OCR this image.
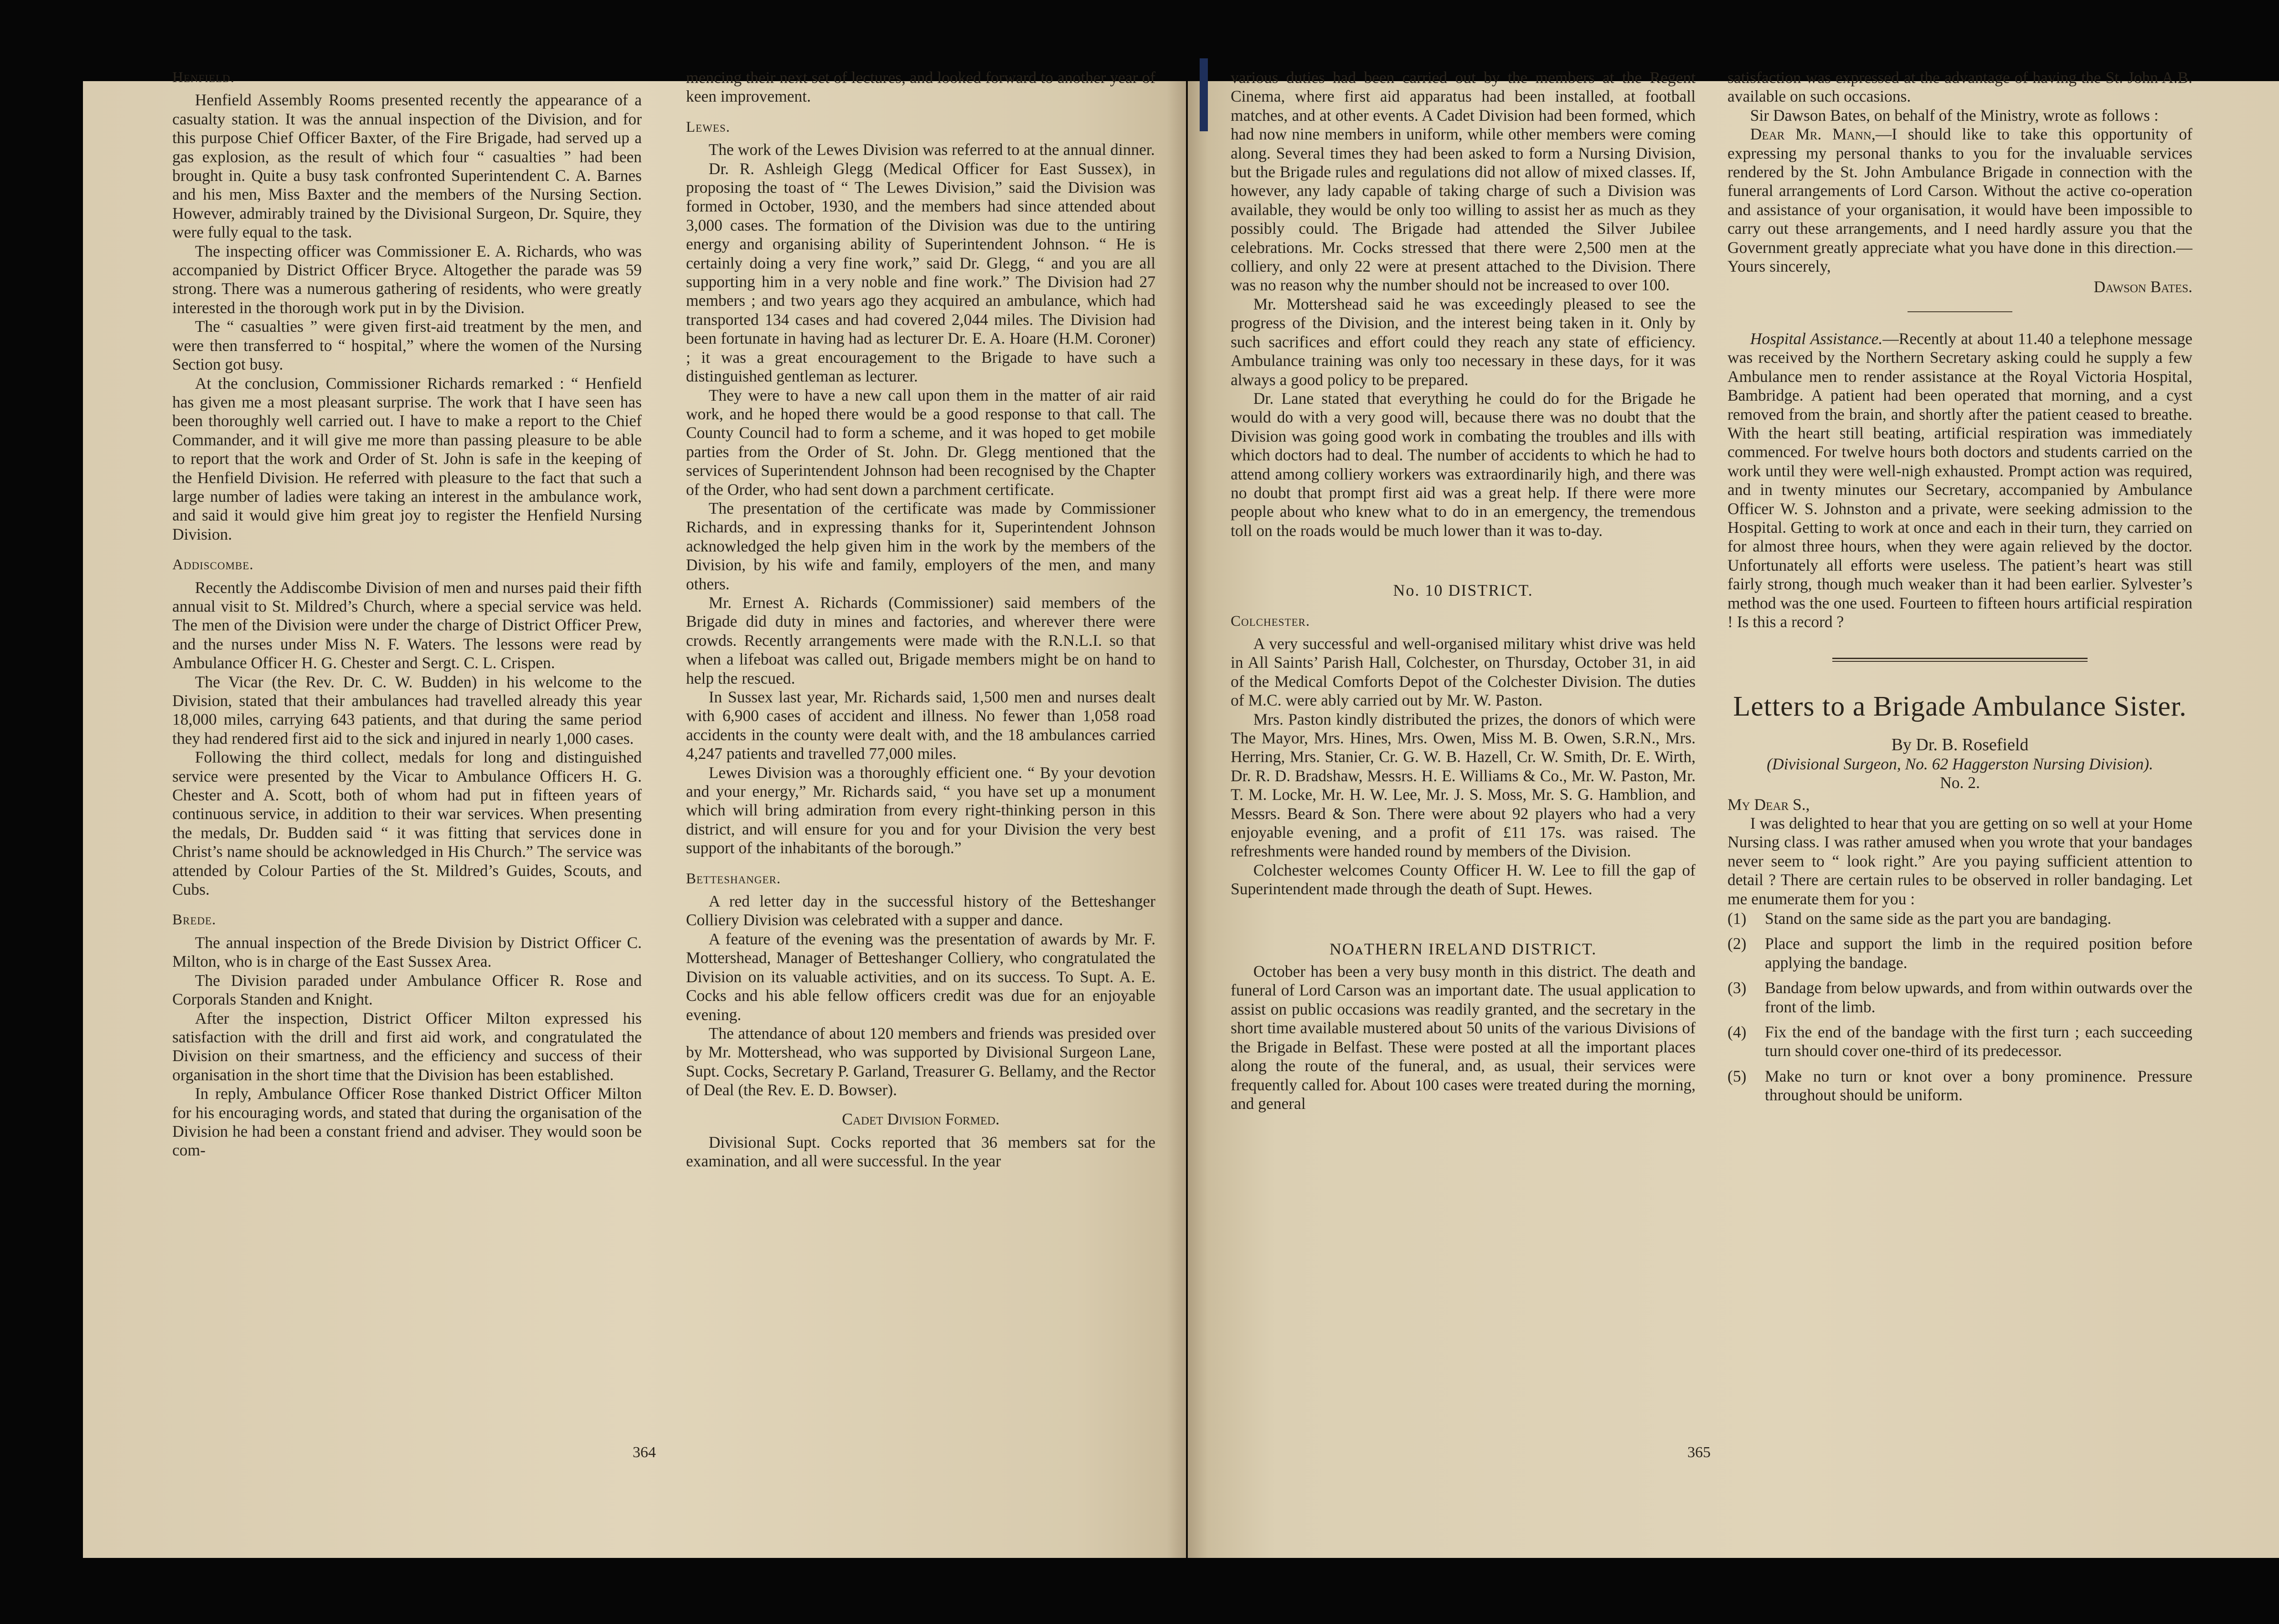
Henfield.

Henfield Assembly Rooms presented recently the appearance of a casualty station. It was the annual inspection of the Division, and for this purpose Chief Officer Baxter, of the Fire Brigade, had served up a gas explosion, as the result of which four “ casualties ” had been brought in. Quite a busy task confronted Superintendent C. A. Barnes and his men, Miss Baxter and the members of the Nursing Section. However, admirably trained by the Divisional Surgeon, Dr. Squire, they were fully equal to the task.

The inspecting officer was Commissioner E. A. Richards, who was accompanied by District Officer Bryce. Altogether the parade was 59 strong. There was a numerous gathering of residents, who were greatly interested in the thorough work put in by the Division.

The “ casualties ” were given first-aid treatment by the men, and were then transferred to “ hospital,” where the women of the Nursing Section got busy.

At the conclusion, Commissioner Richards remarked : “ Henfield has given me a most pleasant surprise. The work that I have seen has been thoroughly well carried out. I have to make a report to the Chief Commander, and it will give me more than passing pleasure to be able to report that the work and Order of St. John is safe in the keeping of the Henfield Division. He referred with pleasure to the fact that such a large number of ladies were taking an interest in the ambulance work, and said it would give him great joy to register the Henfield Nursing Division.

Addiscombe.

Recently the Addiscombe Division of men and nurses paid their fifth annual visit to St. Mildred’s Church, where a special service was held. The men of the Division were under the charge of District Officer Prew, and the nurses under Miss N. F. Waters. The lessons were read by Ambulance Officer H. G. Chester and Sergt. C. L. Crispen.

The Vicar (the Rev. Dr. C. W. Budden) in his welcome to the Division, stated that their ambulances had travelled already this year 18,000 miles, carrying 643 patients, and that during the same period they had rendered first aid to the sick and injured in nearly 1,000 cases.

Following the third collect, medals for long and distinguished service were presented by the Vicar to Ambulance Officers H. G. Chester and A. Scott, both of whom had put in fifteen years of continuous service, in addition to their war services. When presenting the medals, Dr. Budden said “ it was fitting that services done in Christ’s name should be acknowledged in His Church.” The service was attended by Colour Parties of the St. Mildred’s Guides, Scouts, and Cubs.

Brede.

The annual inspection of the Brede Division by District Officer C. Milton, who is in charge of the East Sussex Area.

The Division paraded under Ambulance Officer R. Rose and Corporals Standen and Knight.

After the inspection, District Officer Milton expressed his satisfaction with the drill and first aid work, and congratulated the Division on their smartness, and the efficiency and success of their organisation in the short time that the Division has been established.

In reply, Ambulance Officer Rose thanked District Officer Milton for his encouraging words, and stated that during the organisation of the Division he had been a constant friend and adviser. They would soon be com-

mencing their next set of lectures, and looked forward to another year of keen improvement.

Lewes.

The work of the Lewes Division was referred to at the annual dinner.

Dr. R. Ashleigh Glegg (Medical Officer for East Sussex), in proposing the toast of “ The Lewes Division,” said the Division was formed in October, 1930, and the members had since attended about 3,000 cases. The formation of the Division was due to the untiring energy and organising ability of Superintendent Johnson. “ He is certainly doing a very fine work,” said Dr. Glegg, “ and you are all supporting him in a very noble and fine work.” The Division had 27 members ; and two years ago they acquired an ambulance, which had transported 134 cases and had covered 2,044 miles. The Division had been fortunate in having had as lecturer Dr. E. A. Hoare (H.M. Coroner) ; it was a great encouragement to the Brigade to have such a distinguished gentleman as lecturer.

They were to have a new call upon them in the matter of air raid work, and he hoped there would be a good response to that call. The County Council had to form a scheme, and it was hoped to get mobile parties from the Order of St. John. Dr. Glegg mentioned that the services of Superintendent Johnson had been recognised by the Chapter of the Order, who had sent down a parchment certificate.

The presentation of the certificate was made by Commissioner Richards, and in expressing thanks for it, Superintendent Johnson acknowledged the help given him in the work by the members of the Division, by his wife and family, employers of the men, and many others.

Mr. Ernest A. Richards (Commissioner) said members of the Brigade did duty in mines and factories, and wherever there were crowds. Recently arrangements were made with the R.N.L.I. so that when a lifeboat was called out, Brigade members might be on hand to help the rescued.

In Sussex last year, Mr. Richards said, 1,500 men and nurses dealt with 6,900 cases of accident and illness. No fewer than 1,058 road accidents in the county were dealt with, and the 18 ambulances carried 4,247 patients and travelled 77,000 miles.

Lewes Division was a thoroughly efficient one. “ By your devotion and your energy,” Mr. Richards said, “ you have set up a monument which will bring admiration from every right-thinking person in this district, and will ensure for you and for your Division the very best support of the inhabitants of the borough.”

Betteshanger.

A red letter day in the successful history of the Betteshanger Colliery Division was celebrated with a supper and dance.

A feature of the evening was the presentation of awards by Mr. F. Mottershead, Manager of Betteshanger Colliery, who congratulated the Division on its valuable activities, and on its success. To Supt. A. E. Cocks and his able fellow officers credit was due for an enjoyable evening.

The attendance of about 120 members and friends was presided over by Mr. Mottershead, who was supported by Divisional Surgeon Lane, Supt. Cocks, Secretary P. Garland, Treasurer G. Bellamy, and the Rector of Deal (the Rev. E. D. Bowser).

Cadet Division Formed.

Divisional Supt. Cocks reported that 36 members sat for the examination, and all were successful. In the year

364

various duties had been carried out by the members at the Regent Cinema, where first aid apparatus had been installed, at football matches, and at other events. A Cadet Division had been formed, which had now nine members in uniform, while other members were coming along. Several times they had been asked to form a Nursing Division, but the Brigade rules and regulations did not allow of mixed classes. If, however, any lady capable of taking charge of such a Division was available, they would be only too willing to assist her as much as they possibly could. The Brigade had attended the Silver Jubilee celebrations. Mr. Cocks stressed that there were 2,500 men at the colliery, and only 22 were at present attached to the Division. There was no reason why the number should not be increased to over 100.

Mr. Mottershead said he was exceedingly pleased to see the progress of the Division, and the interest being taken in it. Only by such sacrifices and effort could they reach any state of efficiency. Ambulance training was only too necessary in these days, for it was always a good policy to be prepared.

Dr. Lane stated that everything he could do for the Brigade he would do with a very good will, because there was no doubt that the Division was going good work in combating the troubles and ills with which doctors had to deal. The number of accidents to which he had to attend among colliery workers was extraordinarily high, and there was no doubt that prompt first aid was a great help. If there were more people about who knew what to do in an emergency, the tremendous toll on the roads would be much lower than it was to-day.

No. 10 DISTRICT.

Colchester.

A very successful and well-organised military whist drive was held in All Saints’ Parish Hall, Colchester, on Thursday, October 31, in aid of the Medical Comforts Depot of the Colchester Division. The duties of M.C. were ably carried out by Mr. W. Paston.

Mrs. Paston kindly distributed the prizes, the donors of which were The Mayor, Mrs. Hines, Mrs. Owen, Miss M. B. Owen, S.R.N., Mrs. Herring, Mrs. Stanier, Cr. G. W. B. Hazell, Cr. W. Smith, Dr. E. Wirth, Dr. R. D. Bradshaw, Messrs. H. E. Williams & Co., Mr. W. Paston, Mr. T. M. Locke, Mr. H. W. Lee, Mr. J. S. Moss, Mr. S. G. Hamblion, and Messrs. Beard & Son. There were about 92 players who had a very enjoyable evening, and a profit of £11 17s. was raised. The refreshments were handed round by members of the Division.

Colchester welcomes County Officer H. W. Lee to fill the gap of Superintendent made through the death of Supt. Hewes.

NOᴀTHERN IRELAND DISTRICT.

October has been a very busy month in this district. The death and funeral of Lord Carson was an important date. The usual application to assist on public occasions was readily granted, and the secretary in the short time available mustered about 50 units of the various Divisions of the Brigade in Belfast. These were posted at all the important places along the route of the funeral, and, as usual, their services were frequently called for. About 100 cases were treated during the morning, and general

satisfaction was expressed at the advantage of having the St. John A.B. available on such occasions.

Sir Dawson Bates, on behalf of the Ministry, wrote as follows :

Dear Mr. Mann,—I should like to take this opportunity of expressing my personal thanks to you for the invaluable services rendered by the St. John Ambulance Brigade in connection with the funeral arrangements of Lord Carson. Without the active co-operation and assistance of your organisation, it would have been impossible to carry out these arrangements, and I need hardly assure you that the Government greatly appreciate what you have done in this direction.—Yours sincerely,

Dawson Bates.

Hospital Assistance.—Recently at about 11.40 a telephone message was received by the Northern Secretary asking could he supply a few Ambulance men to render assistance at the Royal Victoria Hospital, Bambridge. A patient had been operated that morning, and a cyst removed from the brain, and shortly after the patient ceased to breathe. With the heart still beating, artificial respiration was immediately commenced. For twelve hours both doctors and students carried on the work until they were well-nigh exhausted. Prompt action was required, and in twenty minutes our Secretary, accompanied by Ambulance Officer W. S. Johnston and a private, were seeking admission to the Hospital. Getting to work at once and each in their turn, they carried on for almost three hours, when they were again relieved by the doctor. Unfortunately all efforts were useless. The patient’s heart was still fairly strong, though much weaker than it had been earlier. Sylvester’s method was the one used. Fourteen to fifteen hours artificial respiration ! Is this a record ?

Letters to a Brigade Ambulance Sister.

By Dr. B. Rosefield

(Divisional Surgeon, No. 62 Haggerston Nursing Division).

No. 2.

My Dear S.,

I was delighted to hear that you are getting on so well at your Home Nursing class. I was rather amused when you wrote that your bandages never seem to “ look right.” Are you paying sufficient attention to detail ? There are certain rules to be observed in roller bandaging. Let me enumerate them for you :

(1) Stand on the same side as the part you are bandaging.
(2) Place and support the limb in the required position before applying the bandage.
(3) Bandage from below upwards, and from within outwards over the front of the limb.
(4) Fix the end of the bandage with the first turn ; each succeeding turn should cover one-third of its predecessor.
(5) Make no turn or knot over a bony prominence. Pressure throughout should be uniform.
365
